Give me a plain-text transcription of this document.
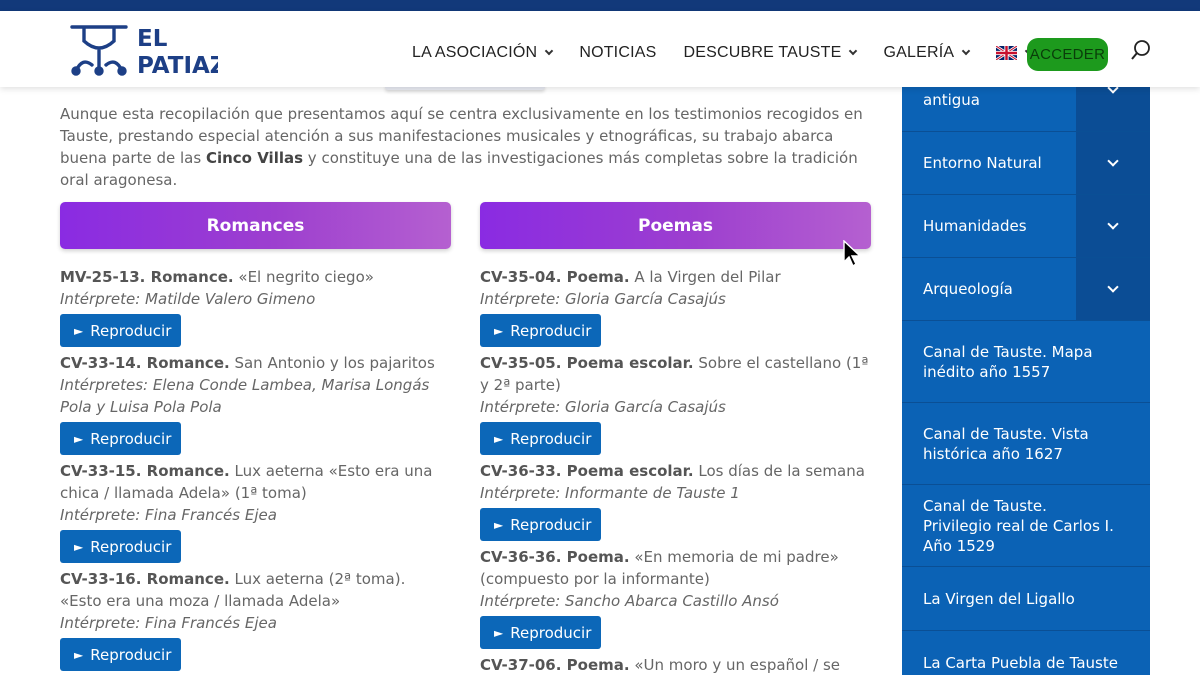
EL
PATIAZ
LA ASOCIACIÓN	NOTICIAS DESCUBRE TAUSTE	GALERÍA	ACCEDER

Aunque esta recopilación que presentamos aquí se centra exclusivamente en los testimonios recogidos en Tauste, prestando especial atención a sus manifestaciones musicales y etnográficas, su trabajo abarca buena parte de las Cinco Villas y constituye una de las investigaciones más completas sobre la tradición oral aragonesa.

Romances
MV-25-13. Romance. «El negrito ciego»
Intérprete: Matilde Valero Gimeno
► Reproducir
CV-33-14. Romance. San Antonio y los pajaritos
Intérpretes: Elena Conde Lambea, Marisa Longás Pola y Luisa Pola Pola
► Reproducir
CV-33-15. Romance. Lux aeterna «Esto era una chica / llamada Adela» (1ª toma)
Intérprete: Fina Francés Ejea
► Reproducir
CV-33-16. Romance. Lux aeterna (2ª toma). «Esto era una moza / llamada Adela»
Intérprete: Fina Francés Ejea
► Reproducir
Poemas
CV-35-04. Poema. A la Virgen del Pilar
Intérprete: Gloria García Casajús
► Reproducir
CV-35-05. Poema escolar. Sobre el castellano (1ª y 2ª parte)
Intérprete: Gloria García Casajús
► Reproducir
CV-36-33. Poema escolar. Los días de la semana
Intérprete: Informante de Tauste 1
► Reproducir
CV-36-36. Poema. «En memoria de mi padre» (compuesto por la informante)
Intérprete: Sancho Abarca Castillo Ansó
► Reproducir
CV-37-06. Poema. «Un moro y un español / se
antigua
Entorno Natural
Humanidades
Arqueología
Canal de Tauste. Mapa inédito año 1557
Canal de Tauste. Vista histórica año 1627
Canal de Tauste. Privilegio real de Carlos I. Año 1529
La Virgen del Ligallo
La Carta Puebla de Tauste
